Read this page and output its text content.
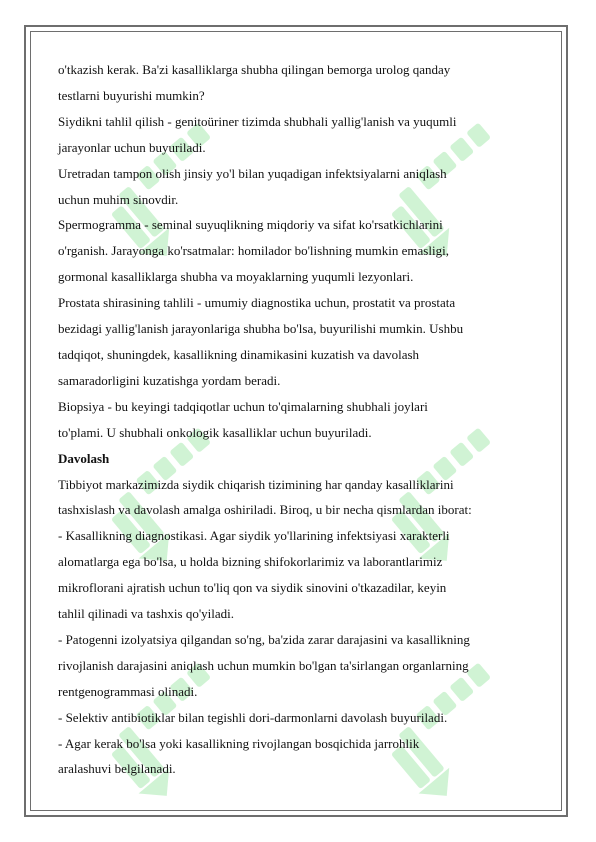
o'tkazish kerak. Ba'zi kasalliklarga shubha qilingan bemorga urolog qanday

testlarni buyurishi mumkin?

Siydikni tahlil qilish - genitoüriner tizimda shubhali yallig'lanish va yuqumli

jarayonlar uchun buyuriladi.

Uretradan tampon olish jinsiy yo'l bilan yuqadigan infektsiyalarni aniqlash

uchun muhim sinovdir.

Spermogramma - seminal suyuqlikning miqdoriy va sifat ko'rsatkichlarini

o'rganish. Jarayonga ko'rsatmalar: homilador bo'lishning mumkin emasligi,

gormonal kasalliklarga shubha va moyaklarning yuqumli lezyonlari.

Prostata shirasining tahlili - umumiy diagnostika uchun, prostatit va prostata

bezidagi yallig'lanish jarayonlariga shubha bo'lsa, buyurilishi mumkin. Ushbu

tadqiqot, shuningdek, kasallikning dinamikasini kuzatish va davolash

samaradorligini kuzatishga yordam beradi.

Biopsiya - bu keyingi tadqiqotlar uchun to'qimalarning shubhali joylari

to'plami. U shubhali onkologik kasalliklar uchun buyuriladi.

Davolash

Tibbiyot markazimizda siydik chiqarish tizimining har qanday kasalliklarini

tashxislash va davolash amalga oshiriladi. Biroq, u bir necha qismlardan iborat:

- Kasallikning diagnostikasi. Agar siydik yo'llarining infektsiyasi xarakterli

alomatlarga ega bo'lsa, u holda bizning shifokorlarimiz va laborantlarimiz

mikroflorani ajratish uchun to'liq qon va siydik sinovini o'tkazadilar, keyin

tahlil qilinadi va tashxis qo'yiladi.

- Patogenni izolyatsiya qilgandan so'ng, ba'zida zarar darajasini va kasallikning

rivojlanish darajasini aniqlash uchun mumkin bo'lgan ta'sirlangan organlarning

rentgenogrammasi olinadi.

- Selektiv antibiotiklar bilan tegishli dori-darmonlarni davolash buyuriladi.

- Agar kerak bo'lsa yoki kasallikning rivojlangan bosqichida jarrohlik

aralashuvi belgilanadi.
